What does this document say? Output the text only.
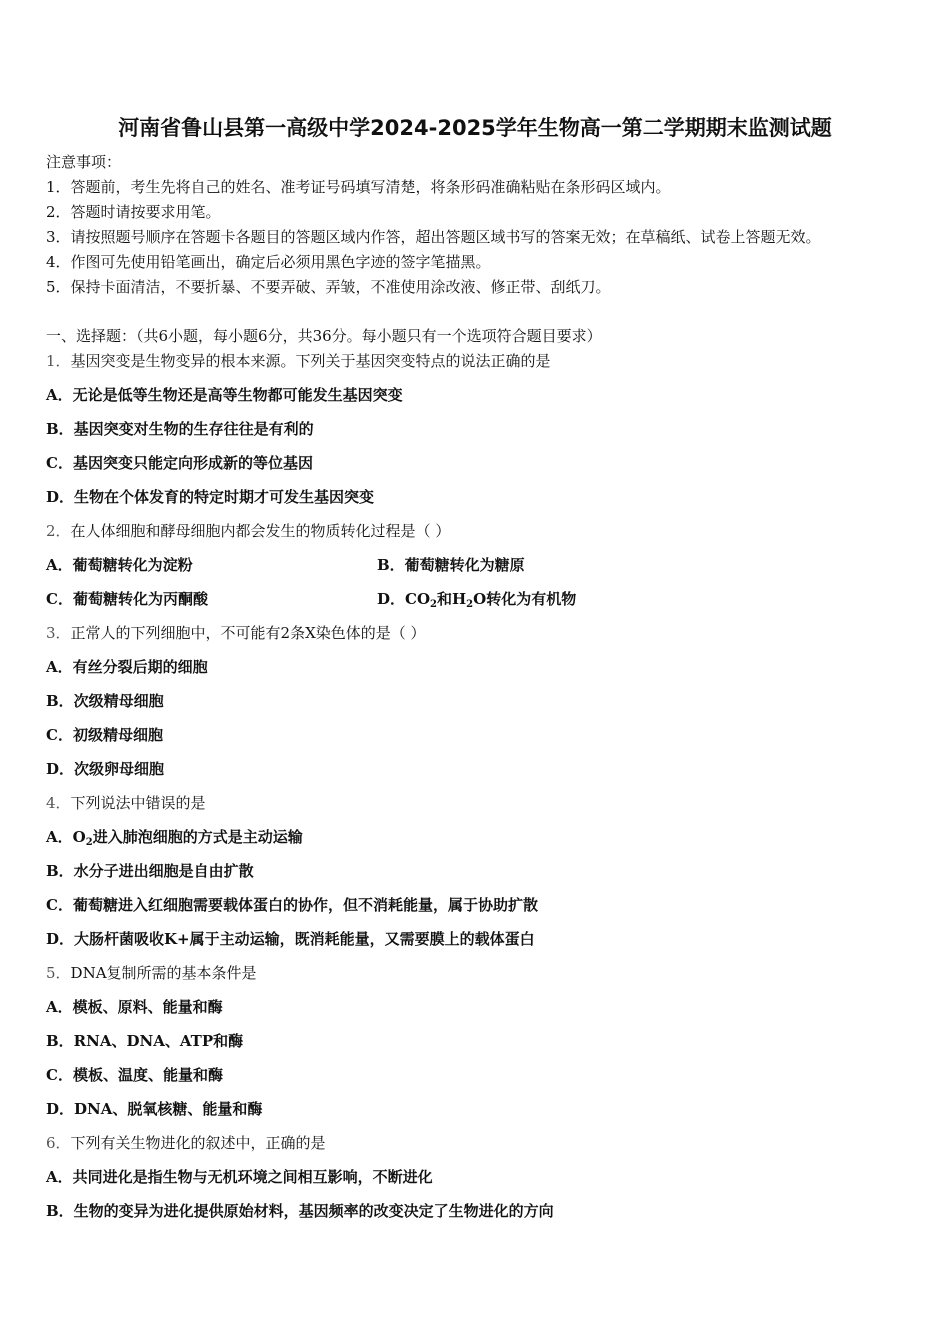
河南省鲁山县第一高级中学2024-2025学年生物高一第二学期期末监测试题
注意事项：
1．答题前，考生先将自己的姓名、准考证号码填写清楚，将条形码准确粘贴在条形码区域内。
2．答题时请按要求用笔。
3．请按照题号顺序在答题卡各题目的答题区域内作答，超出答题区域书写的答案无效；在草稿纸、试卷上答题无效。
4．作图可先使用铅笔画出，确定后必须用黑色字迹的签字笔描黑。
5．保持卡面清洁，不要折暴、不要弄破、弄皱，不准使用涂改液、修正带、刮纸刀。
一、选择题：（共6小题，每小题6分，共36分。每小题只有一个选项符合题目要求）
1．基因突变是生物变异的根本来源。下列关于基因突变特点的说法正确的是
A．无论是低等生物还是高等生物都可能发生基因突变
B．基因突变对生物的生存往往是有利的
C．基因突变只能定向形成新的等位基因
D．生物在个体发育的特定时期才可发生基因突变
2．在人体细胞和酵母细胞内都会发生的物质转化过程是（ ）
A．葡萄糖转化为淀粉	B．葡萄糖转化为糖原
C．葡萄糖转化为丙酮酸	D．$CO_2$和$H_2O$转化为有机物
3．正常人的下列细胞中，不可能有2条X染色体的是（ ）
A．有丝分裂后期的细胞
B．次级精母细胞
C．初级精母细胞
D．次级卵母细胞
4．下列说法中错误的是
A．$O_2$进入肺泡细胞的方式是主动运输
B．水分子进出细胞是自由扩散
C．葡萄糖进入红细胞需要载体蛋白的协作，但不消耗能量，属于协助扩散
D．大肠杆菌吸收K+属于主动运输，既消耗能量，又需要膜上的载体蛋白
5．DNA复制所需的基本条件是
A．模板、原料、能量和酶
B．RNA、DNA、ATP和酶
C．模板、温度、能量和酶
D．DNA、脱氧核糖、能量和酶
6．下列有关生物进化的叙述中，正确的是
A．共同进化是指生物与无机环境之间相互影响，不断进化
B．生物的变异为进化提供原始材料，基因频率的改变决定了生物进化的方向
